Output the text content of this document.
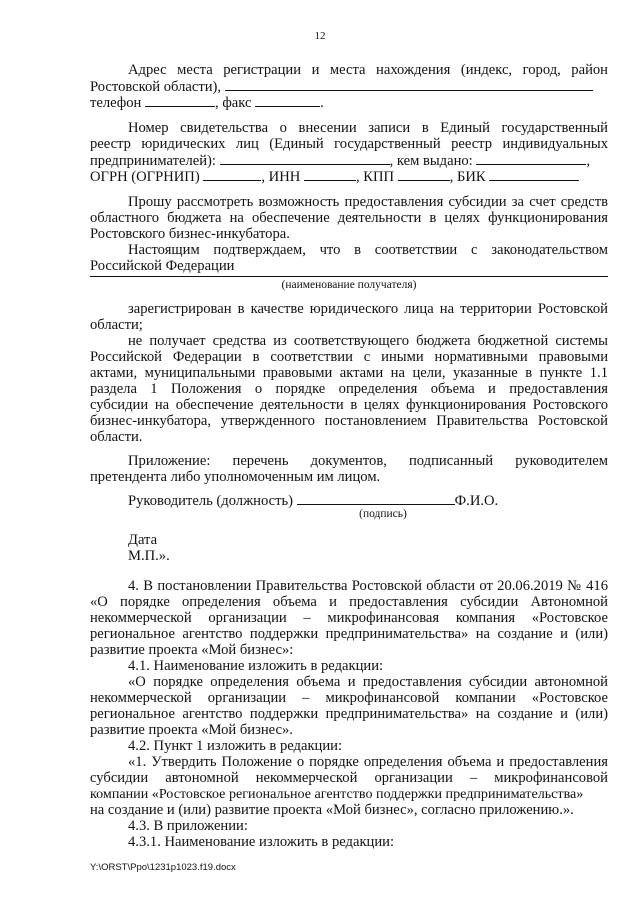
12
Адрес места регистрации и места нахождения (индекс, город, район
Ростовской области),
телефон	, факс	.
Номер свидетельства о внесении записи в Единый государственный
реестр юридических лиц (Единый государственный реестр индивидуальных
предпринимателей):	, кем выдано:	,
ОГРН (ОГРНИП)	, ИНН	, КПП	, БИК
Прошу рассмотреть возможность предоставления субсидии за счет средств
областного бюджета на обеспечение деятельности в целях функционирования
Ростовского бизнес-инкубатора.
Настоящим подтверждаем, что в соответствии с законодательством
Российской Федерации
(наименование получателя)
зарегистрирован в качестве юридического лица на территории Ростовской
области;
не получает средства из соответствующего бюджета бюджетной системы
Российской Федерации в соответствии с иными нормативными правовыми
актами, муниципальными правовыми актами на цели, указанные в пункте 1.1
раздела 1 Положения о порядке определения объема и предоставления
субсидии на обеспечение деятельности в целях функционирования Ростовского
бизнес-инкубатора, утвержденного постановлением Правительства Ростовской
области.
Приложение: перечень документов, подписанный руководителем
претендента либо уполномоченным им лицом.
Руководитель (должность)	Ф.И.О.
(подпись)
Дата
М.П.».
4. В постановлении Правительства Ростовской области от 20.06.2019 № 416
«О порядке определения объема и предоставления субсидии Автономной
некоммерческой организации – микрофинансовая компания «Ростовское
региональное агентство поддержки предпринимательства» на создание и (или)
развитие проекта «Мой бизнес»:
4.1. Наименование изложить в редакции:
«О порядке определения объема и предоставления субсидии автономной
некоммерческой организации – микрофинансовой компании «Ростовское
региональное агентство поддержки предпринимательства» на создание и (или)
развитие проекта «Мой бизнес».
4.2. Пункт 1 изложить в редакции:
«1. Утвердить Положение о порядке определения объема и предоставления
субсидии автономной некоммерческой организации – микрофинансовой
компании «Ростовское региональное агентство поддержки предпринимательства»
на создание и (или) развитие проекта «Мой бизнес», согласно приложению.».
4.3. В приложении:
4.3.1. Наименование изложить в редакции:
Y:\ORST\Ppo\1231p1023.f19.docx
